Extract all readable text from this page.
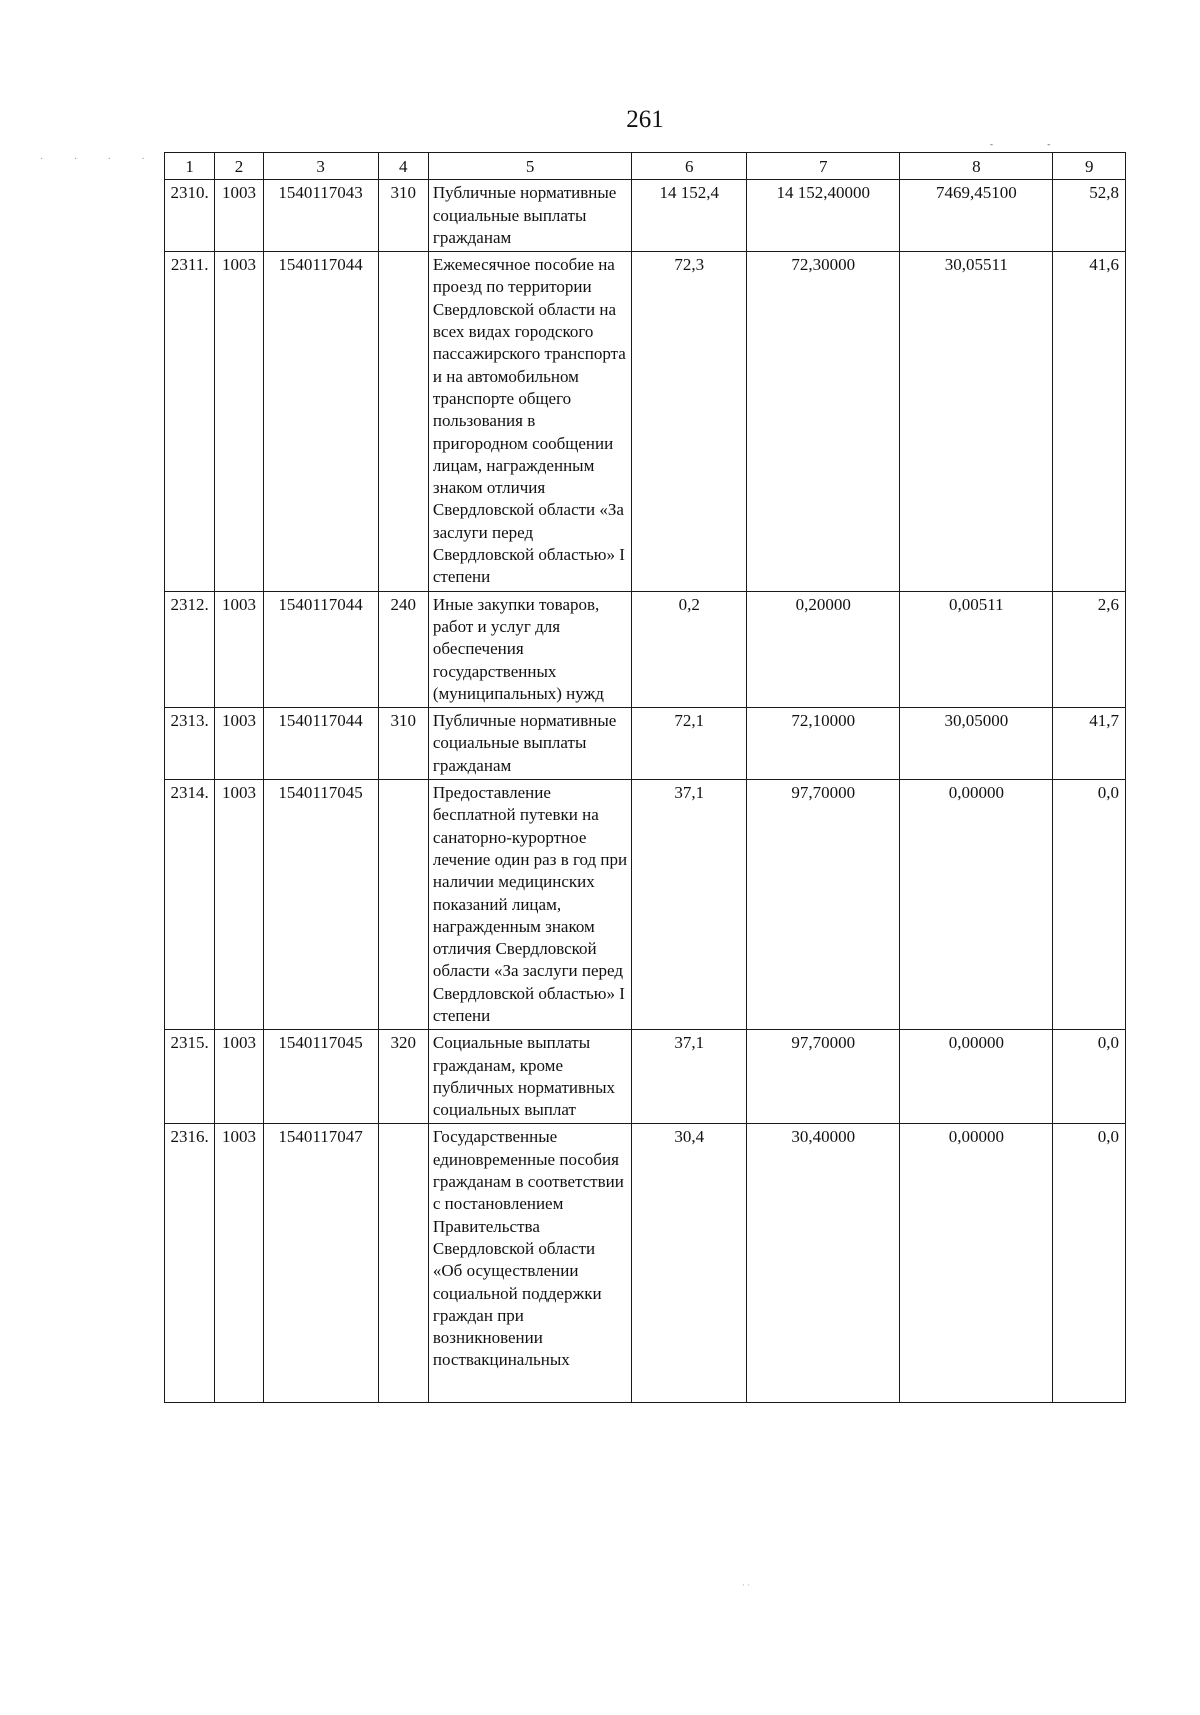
261
· · · ·
- -
· ·
1	2	3	4	5	6	7	8	9
2310.	1003	1540117043	310	Публичные нормативные социальные выплаты гражданам	14 152,4	14 152,40000	7469,45100	52,8
2311.	1003	1540117044		Ежемесячное пособие на проезд по территории Свердловской области на всех видах городского пассажирского транспорта и на автомобильном транспорте общего пользования в пригородном сообщении лицам, награжденным знаком отличия Свердловской области «За заслуги перед Свердловской областью» I степени	72,3	72,30000	30,05511	41,6
2312.	1003	1540117044	240	Иные закупки товаров, работ и услуг для обеспечения государственных (муниципальных) нужд	0,2	0,20000	0,00511	2,6
2313.	1003	1540117044	310	Публичные нормативные социальные выплаты гражданам	72,1	72,10000	30,05000	41,7
2314.	1003	1540117045		Предоставление бесплатной путевки на санаторно-курортное лечение один раз в год при наличии медицинских показаний лицам, награжденным знаком отличия Свердловской области «За заслуги перед Свердловской областью» I степени	37,1	97,70000	0,00000	0,0
2315.	1003	1540117045	320	Социальные выплаты гражданам, кроме публичных нормативных социальных выплат	37,1	97,70000	0,00000	0,0
2316.	1003	1540117047		Государственные единовременные пособия гражданам в соответствии с постановлением Правительства Свердловской области «Об осуществлении социальной поддержки граждан при возникновении поствакцинальных	30,4	30,40000	0,00000	0,0
